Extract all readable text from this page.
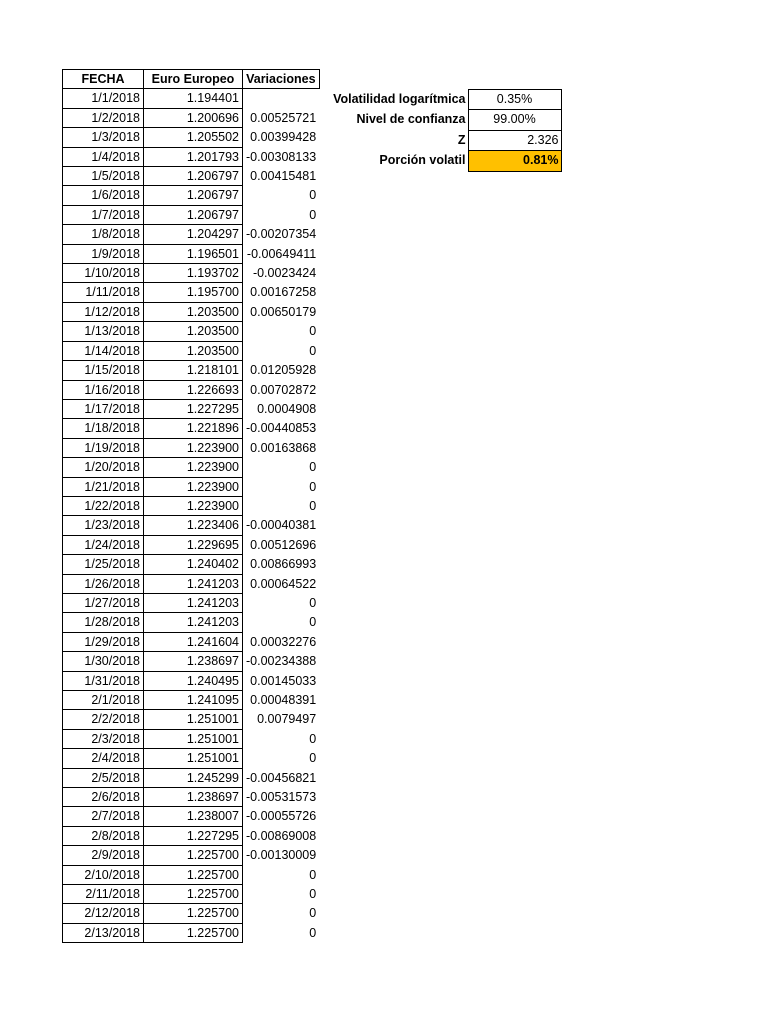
FECHA	Euro Europeo	Variaciones
1/1/2018	1.194401	
1/2/2018	1.200696	0.00525721
1/3/2018	1.205502	0.00399428
1/4/2018	1.201793	-0.00308133
1/5/2018	1.206797	0.00415481
1/6/2018	1.206797	0
1/7/2018	1.206797	0
1/8/2018	1.204297	-0.00207354
1/9/2018	1.196501	-0.00649411
1/10/2018	1.193702	-0.0023424
1/11/2018	1.195700	0.00167258
1/12/2018	1.203500	0.00650179
1/13/2018	1.203500	0
1/14/2018	1.203500	0
1/15/2018	1.218101	0.01205928
1/16/2018	1.226693	0.00702872
1/17/2018	1.227295	0.0004908
1/18/2018	1.221896	-0.00440853
1/19/2018	1.223900	0.00163868
1/20/2018	1.223900	0
1/21/2018	1.223900	0
1/22/2018	1.223900	0
1/23/2018	1.223406	-0.00040381
1/24/2018	1.229695	0.00512696
1/25/2018	1.240402	0.00866993
1/26/2018	1.241203	0.00064522
1/27/2018	1.241203	0
1/28/2018	1.241203	0
1/29/2018	1.241604	0.00032276
1/30/2018	1.238697	-0.00234388
1/31/2018	1.240495	0.00145033
2/1/2018	1.241095	0.00048391
2/2/2018	1.251001	0.0079497
2/3/2018	1.251001	0
2/4/2018	1.251001	0
2/5/2018	1.245299	-0.00456821
2/6/2018	1.238697	-0.00531573
2/7/2018	1.238007	-0.00055726
2/8/2018	1.227295	-0.00869008
2/9/2018	1.225700	-0.00130009
2/10/2018	1.225700	0
2/11/2018	1.225700	0
2/12/2018	1.225700	0
2/13/2018	1.225700	0
Volatilidad logarítmica	0.35%
Nivel de confianza	99.00%
Z	2.326
Porción volatil	0.81%
